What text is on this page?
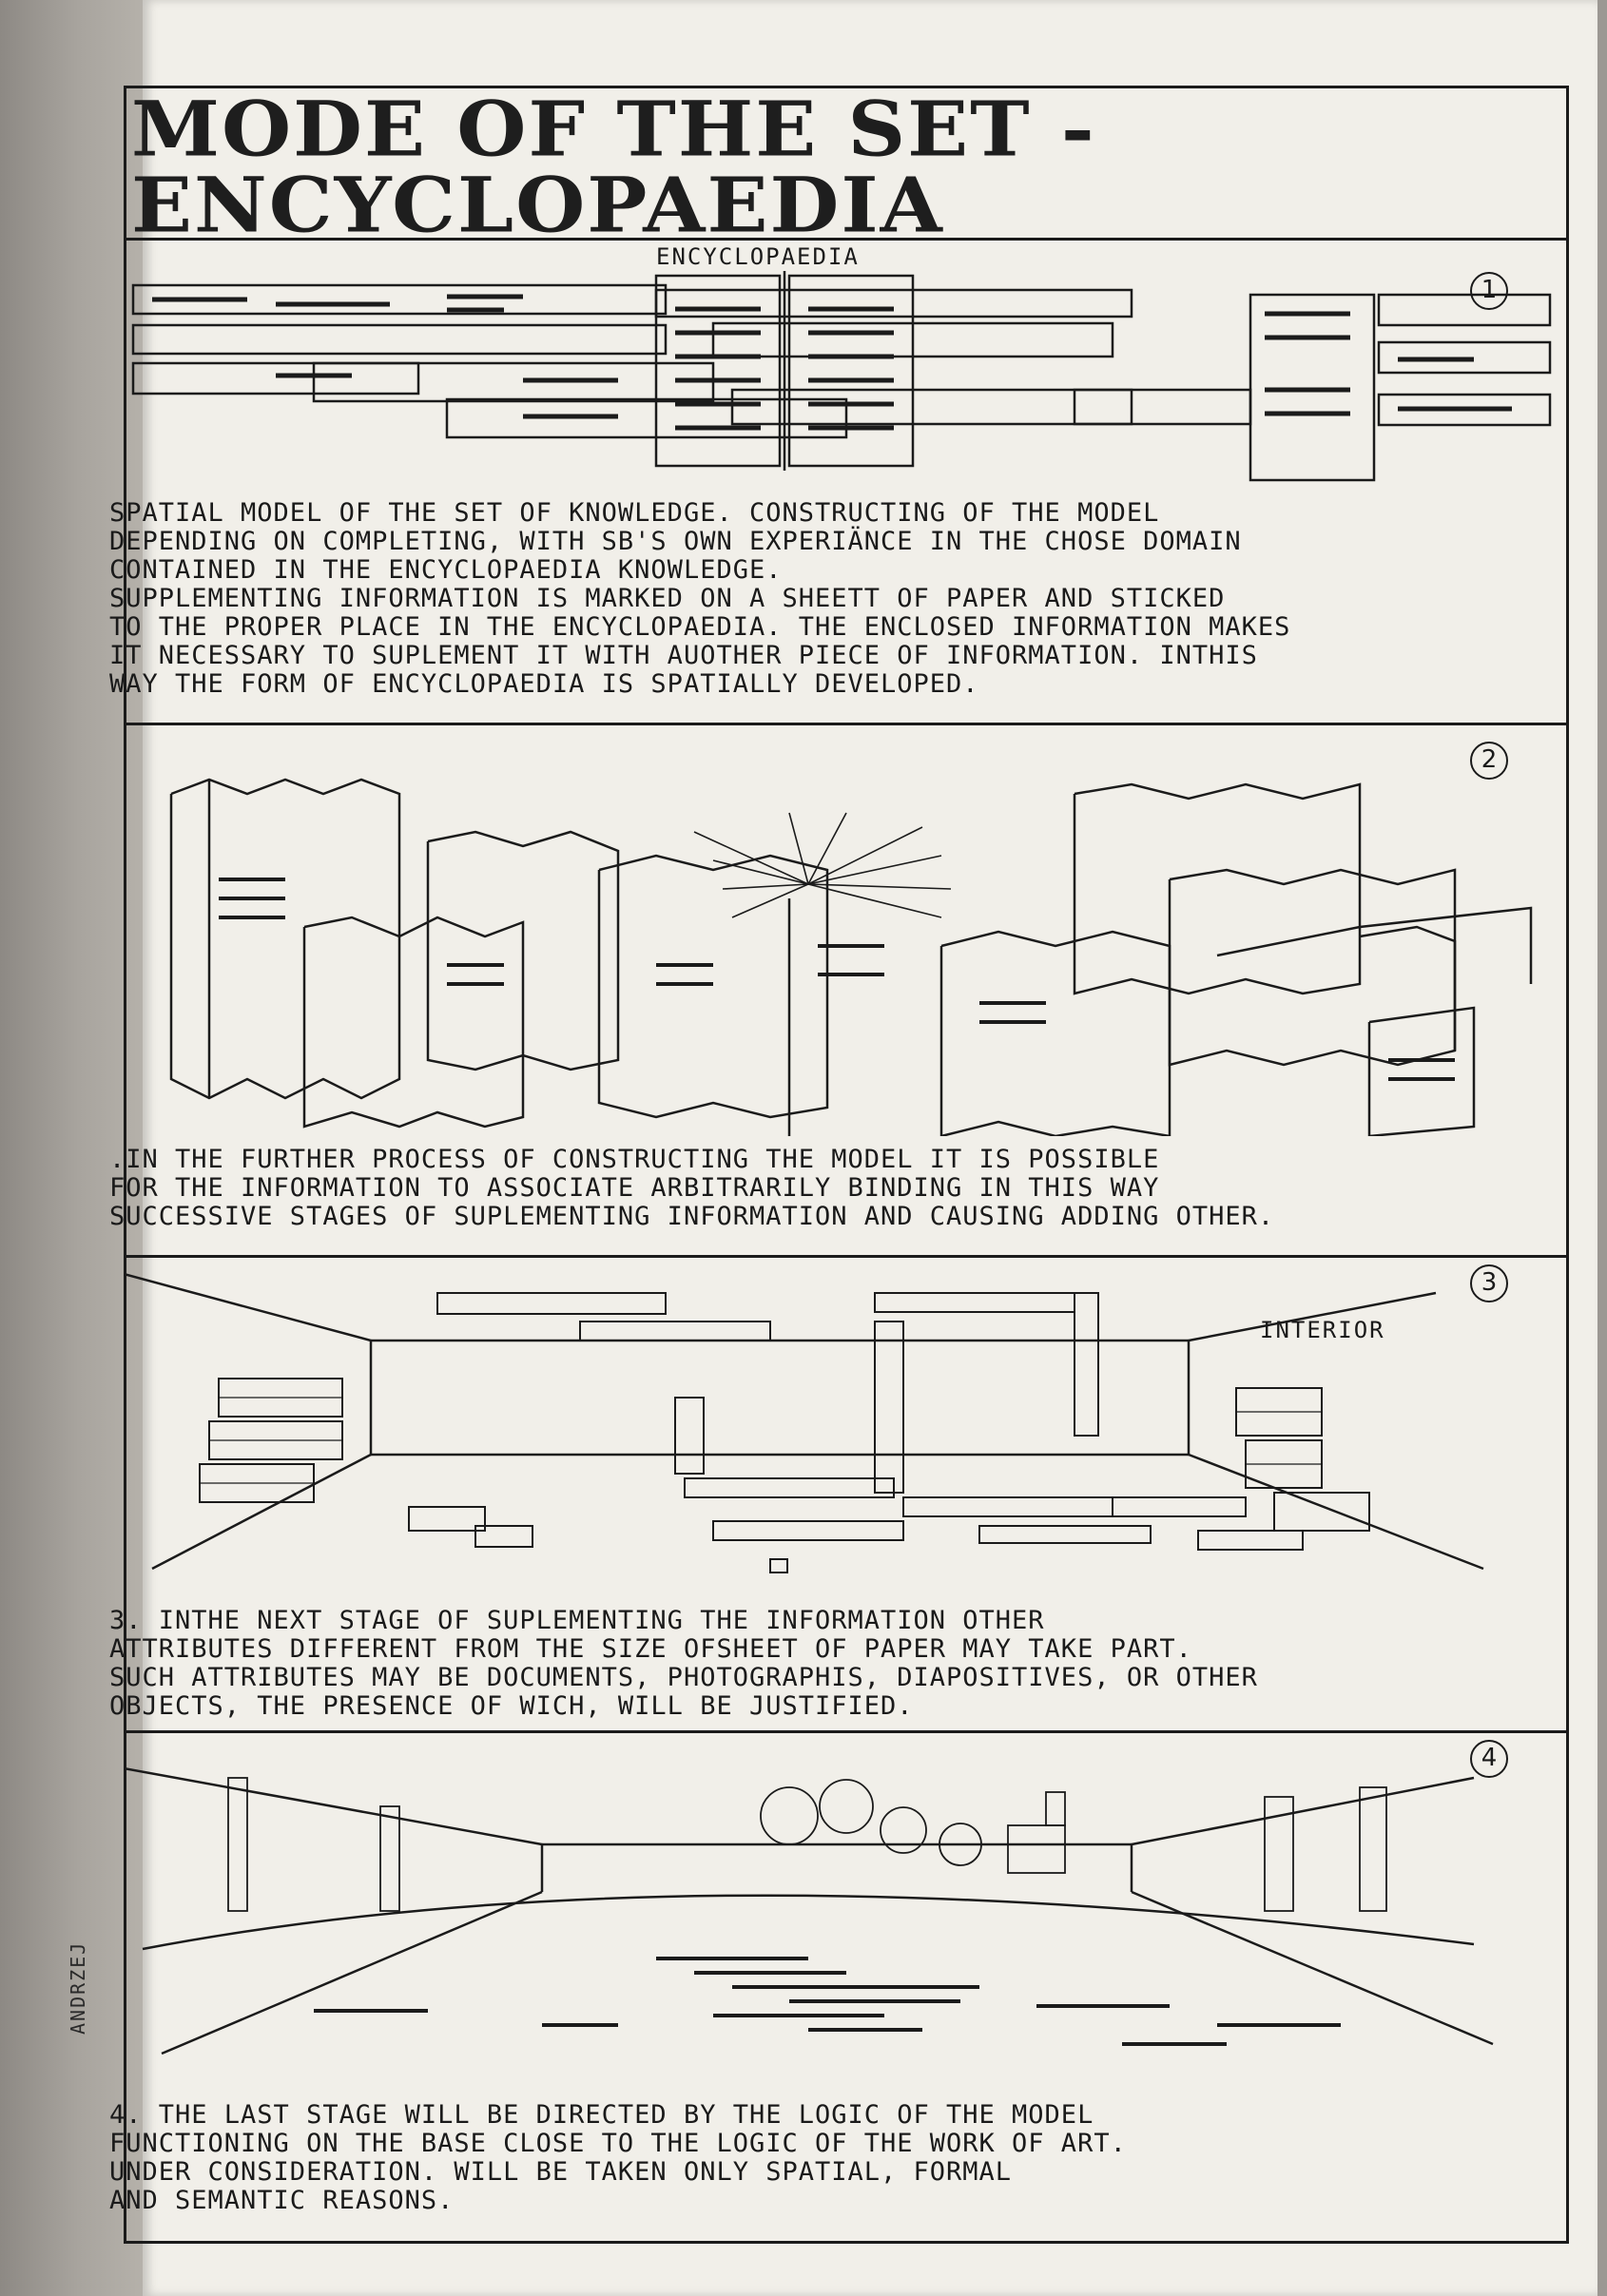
MODE OF THE SET -
ENCYCLOPAEDIA
ENCYCLOPAEDIA
1

SPATIAL MODEL OF THE SET OF KNOWLEDGE. CONSTRUCTING OF THE MODEL

DEPENDING ON COMPLETING, WITH SB'S OWN EXPERIÄNCE IN THE CHOSE DOMAIN

CONTAINED IN THE ENCYCLOPAEDIA KNOWLEDGE.

SUPPLEMENTING INFORMATION IS MARKED ON A SHEETT OF PAPER AND STICKED

TO THE PROPER PLACE IN THE ENCYCLOPAEDIA. THE ENCLOSED INFORMATION MAKES

IT NECESSARY TO SUPLEMENT IT WITH AUOTHER PIECE OF INFORMATION. INTHIS

WAY THE FORM OF ENCYCLOPAEDIA IS SPATIALLY DEVELOPED.

2

.IN THE FURTHER PROCESS OF CONSTRUCTING THE MODEL IT IS POSSIBLE

FOR THE INFORMATION TO ASSOCIATE ARBITRARILY BINDING IN THIS WAY

SUCCESSIVE STAGES OF SUPLEMENTING INFORMATION AND CAUSING ADDING OTHER.

3
INTERIOR

3. INTHE NEXT STAGE OF SUPLEMENTING THE INFORMATION OTHER

ATTRIBUTES DIFFERENT FROM THE SIZE OFSHEET OF PAPER MAY TAKE PART.

SUCH ATTRIBUTES MAY BE DOCUMENTS, PHOTOGRAPHIS, DIAPOSITIVES, OR OTHER

OBJECTS, THE PRESENCE OF WICH, WILL BE JUSTIFIED.

4

4. THE LAST STAGE WILL BE DIRECTED BY THE LOGIC OF THE MODEL

FUNCTIONING ON THE BASE CLOSE TO THE LOGIC OF THE WORK OF ART.

UNDER CONSIDERATION. WILL BE TAKEN ONLY SPATIAL, FORMAL

AND SEMANTIC REASONS.

ANDRZEJ
